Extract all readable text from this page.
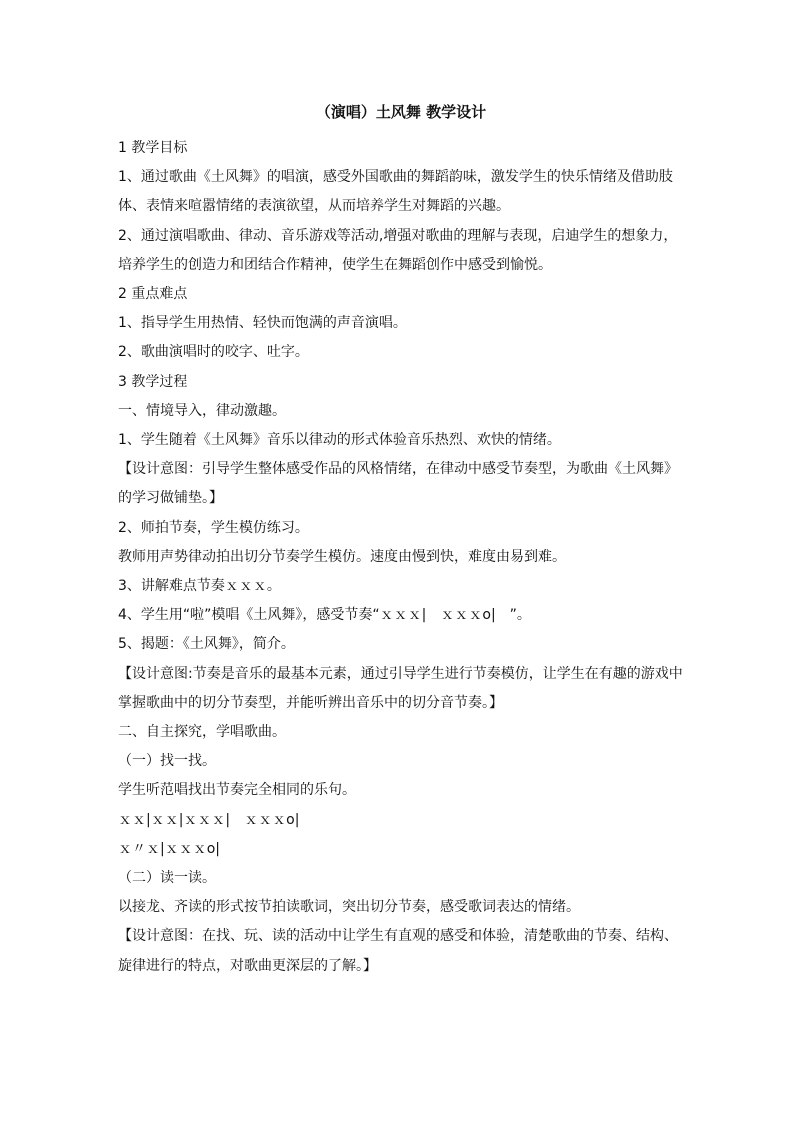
（演唱）土风舞 教学设计

1 教学目标

1、通过歌曲《土风舞》的唱演，感受外国歌曲的舞蹈韵味，激发学生的快乐情绪及借助肢体、表情来喧嚣情绪的表演欲望，从而培养学生对舞蹈的兴趣。

2、通过演唱歌曲、律动、音乐游戏等活动,增强对歌曲的理解与表现，启迪学生的想象力，培养学生的创造力和团结合作精神，使学生在舞蹈创作中感受到愉悦。

2 重点难点

1、指导学生用热情、轻快而饱满的声音演唱。

2、歌曲演唱时的咬字、吐字。

3 教学过程

一、情境导入，律动激趣。

1、学生随着《土风舞》音乐以律动的形式体验音乐热烈、欢快的情绪。

【设计意图：引导学生整体感受作品的风格情绪，在律动中感受节奏型，为歌曲《土风舞》的学习做铺垫。】

2、师拍节奏，学生模仿练习。

教师用声势律动拍出切分节奏学生模仿。速度由慢到快，难度由易到难。

3、讲解难点节奏ｘｘｘ。

4、学生用“啦”模唱《土风舞》，感受节奏“ｘｘｘ|　ｘｘｘo|　”。

5、揭题：《土风舞》，简介。

【设计意图:节奏是音乐的最基本元素，通过引导学生进行节奏模仿，让学生在有趣的游戏中掌握歌曲中的切分节奏型，并能听辨出音乐中的切分音节奏。】

二、自主探究，学唱歌曲。

（一）找一找。

学生听范唱找出节奏完全相同的乐句。

ｘｘ|ｘｘ|ｘｘｘ|　ｘｘｘo|

ｘ〃ｘ|ｘｘｘo|

（二）读一读。

以接龙、齐读的形式按节拍读歌词，突出切分节奏，感受歌词表达的情绪。

【设计意图：在找、玩、读的活动中让学生有直观的感受和体验，清楚歌曲的节奏、结构、旋律进行的特点，对歌曲更深层的了解。】
